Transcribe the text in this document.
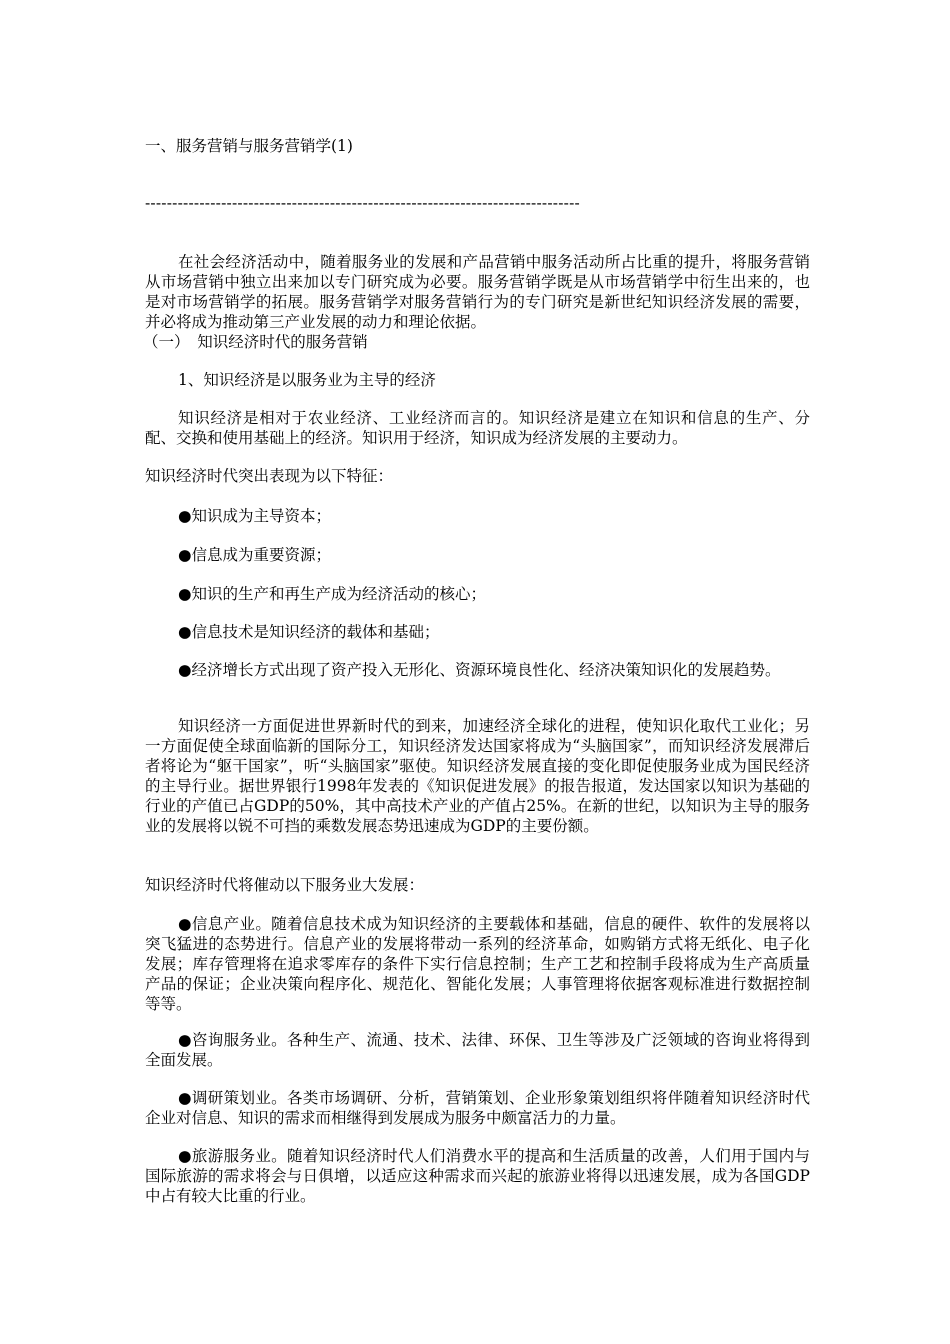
一、服务营销与服务营销学(1)
--------------------------------------------------------------------------------
在社会经济活动中，随着服务业的发展和产品营销中服务活动所占比重的提升，将服务营销从市场营销中独立出来加以专门研究成为必要。服务营销学既是从市场营销学中衍生出来的，也是对市场营销学的拓展。服务营销学对服务营销行为的专门研究是新世纪知识经济发展的需要，并必将成为推动第三产业发展的动力和理论依据。
（一）　知识经济时代的服务营销
1、知识经济是以服务业为主导的经济
知识经济是相对于农业经济、工业经济而言的。知识经济是建立在知识和信息的生产、分配、交换和使用基础上的经济。知识用于经济，知识成为经济发展的主要动力。
知识经济时代突出表现为以下特征：
●知识成为主导资本；
●信息成为重要资源；
●知识的生产和再生产成为经济活动的核心；
●信息技术是知识经济的载体和基础；
●经济增长方式出现了资产投入无形化、资源环境良性化、经济决策知识化的发展趋势。
知识经济一方面促进世界新时代的到来，加速经济全球化的进程，使知识化取代工业化；另一方面促使全球面临新的国际分工，知识经济发达国家将成为“头脑国家”，而知识经济发展滞后者将论为“躯干国家”，听“头脑国家”驱使。知识经济发展直接的变化即促使服务业成为国民经济的主导行业。据世界银行1998年发表的《知识促进发展》的报告报道，发达国家以知识为基础的行业的产值已占GDP的50%，其中高技术产业的产值占25%。在新的世纪，以知识为主导的服务业的发展将以锐不可挡的乘数发展态势迅速成为GDP的主要份额。
知识经济时代将催动以下服务业大发展：
●信息产业。随着信息技术成为知识经济的主要载体和基础，信息的硬件、软件的发展将以突飞猛进的态势进行。信息产业的发展将带动一系列的经济革命，如购销方式将无纸化、电子化发展；库存管理将在追求零库存的条件下实行信息控制；生产工艺和控制手段将成为生产高质量产品的保证；企业决策向程序化、规范化、智能化发展；人事管理将依据客观标准进行数据控制等等。
●咨询服务业。各种生产、流通、技术、法律、环保、卫生等涉及广泛领域的咨询业将得到全面发展。
●调研策划业。各类市场调研、分析，营销策划、企业形象策划组织将伴随着知识经济时代企业对信息、知识的需求而相继得到发展成为服务中颇富活力的力量。
●旅游服务业。随着知识经济时代人们消费水平的提高和生活质量的改善，人们用于国内与国际旅游的需求将会与日俱增，以适应这种需求而兴起的旅游业将得以迅速发展，成为各国GDP中占有较大比重的行业。
